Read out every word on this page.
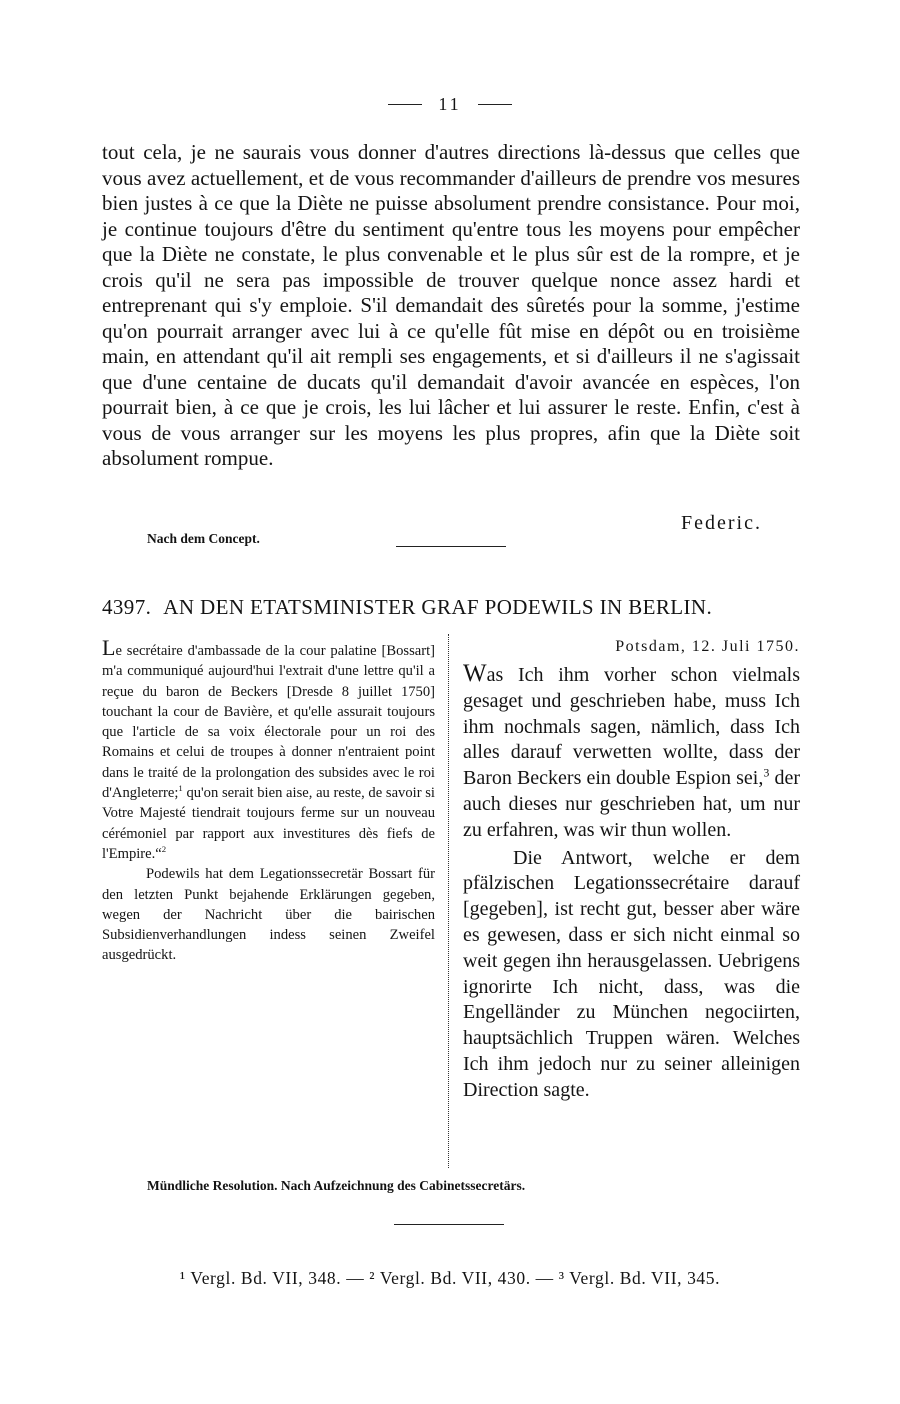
11

tout cela, je ne saurais vous donner d'autres directions là-dessus que celles que vous avez actuellement, et de vous recommander d'ailleurs de prendre vos mesures bien justes à ce que la Diète ne puisse absolument prendre consistance. Pour moi, je continue toujours d'être du sentiment qu'entre tous les moyens pour empêcher que la Diète ne constate, le plus convenable et le plus sûr est de la rompre, et je crois qu'il ne sera pas impossible de trouver quelque nonce assez hardi et entreprenant qui s'y emploie. S'il demandait des sûretés pour la somme, j'estime qu'on pourrait arranger avec lui à ce qu'elle fût mise en dépôt ou en troisième main, en attendant qu'il ait rempli ses engagements, et si d'ailleurs il ne s'agissait que d'une centaine de ducats qu'il demandait d'avoir avancée en espèces, l'on pourrait bien, à ce que je crois, les lui lâcher et lui assurer le reste. Enfin, c'est à vous de vous arranger sur les moyens les plus propres, afin que la Diète soit absolument rompue.

Federic.
Nach dem Concept.
4397. AN DEN ETATSMINISTER GRAF PODEWILS IN BERLIN.

Le secrétaire d'ambassade de la cour palatine [Bossart] m'a communiqué aujourd'hui l'extrait d'une lettre qu'il a reçue du baron de Beckers [Dresde 8 juillet 1750] touchant la cour de Bavière, et qu'elle assurait toujours que l'article de sa voix électorale pour un roi des Romains et celui de troupes à donner n'entraient point dans le traité de la prolongation des subsides avec le roi d'Angleterre;$^1$ qu'on serait bien aise, au reste, de savoir si Votre Majesté tiendrait toujours ferme sur un nouveau cérémoniel par rapport aux investitures dès fiefs de l'Empire.“$^2$

Podewils hat dem Legationssecretär Bossart für den letzten Punkt bejahende Erklärungen gegeben, wegen der Nachricht über die bairischen Subsidienverhandlungen indess seinen Zweifel ausgedrückt.

Potsdam, 12. Juli 1750.

Was Ich ihm vorher schon vielmals gesaget und geschrieben habe, muss Ich ihm nochmals sagen, nämlich, dass Ich alles darauf verwetten wollte, dass der Baron Beckers ein double Espion sei,$^3$ der auch dieses nur geschrieben hat, um nur zu erfahren, was wir thun wollen.

Die Antwort, welche er dem pfälzischen Legationssecrétaire darauf [gegeben], ist recht gut, besser aber wäre es gewesen, dass er sich nicht einmal so weit gegen ihn herausgelassen. Uebrigens ignorirte Ich nicht, dass, was die Engelländer zu München negociirten, hauptsächlich Truppen wären. Welches Ich ihm jedoch nur zu seiner alleinigen Direction sagte.

Mündliche Resolution. Nach Aufzeichnung des Cabinetssecretärs.
¹ Vergl. Bd. VII, 348. — ² Vergl. Bd. VII, 430. — ³ Vergl. Bd. VII, 345.
